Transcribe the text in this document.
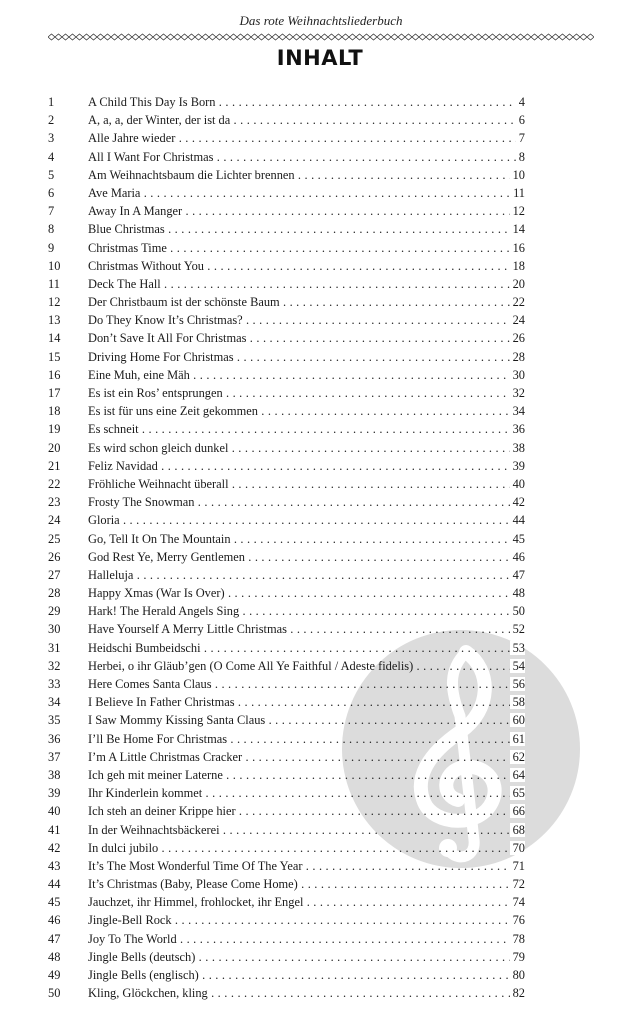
Das rote Weihnachtsliederbuch
INHALT
1	A Child This Day Is Born . . .	4
2	A, a, a, der Winter, der ist da . . .	6
3	Alle Jahre wieder . . .	7
4	All I Want For Christmas . . .	8
5	Am Weihnachtsbaum die Lichter brennen . . .	10
6	Ave Maria . . .	11
7	Away In A Manger . . .	12
8	Blue Christmas . . .	14
9	Christmas Time . . .	16
10 Christmas Without You . . .	18
11 Deck The Hall . . .	20
12 Der Christbaum ist der schönste Baum . . .	22
13 Do They Know It’s Christmas? . . .	24
14 Don’t Save It All For Christmas . . .	26
15 Driving Home For Christmas . . .	28
16 Eine Muh, eine Mäh . . .	30
17 Es ist ein Ros’ entsprungen . . .	32
18 Es ist für uns eine Zeit gekommen . . .	34
19 Es schneit . . .	36
20 Es wird schon gleich dunkel . . .	38
21 Feliz Navidad . . .	39
22 Fröhliche Weihnacht überall . . .	40
23 Frosty The Snowman . . .	42
24 Gloria . . .	44
25 Go, Tell It On The Mountain . . .	45
26 God Rest Ye, Merry Gentlemen . . .	46
27 Halleluja . . .	47
28 Happy Xmas (War Is Over) . . .	48
29 Hark! The Herald Angels Sing . . .	50
30 Have Yourself A Merry Little Christmas . . .	52
31 Heidschi Bumbeidschi . . .	53
32 Herbei, o ihr Gläub’gen (O Come All Ye Faithful / Adeste fidelis) . . .	54
33 Here Comes Santa Claus . . .	56
34 I Believe In Father Christmas . . .	58
35 I Saw Mommy Kissing Santa Claus . . .	60
36 I’ll Be Home For Christmas . . .	61
37 I’m A Little Christmas Cracker . . .	62
38 Ich geh mit meiner Laterne . . .	64
39 Ihr Kinderlein kommet . . .	65
40 Ich steh an deiner Krippe hier . . .	66
41 In der Weihnachtsbäckerei . . .	68
42 In dulci jubilo . . .	70
43 It’s The Most Wonderful Time Of The Year . . .	71
44 It’s Christmas (Baby, Please Come Home) . . .	72
45 Jauchzet, ihr Himmel, frohlocket, ihr Engel . . .	74
46 Jingle-Bell Rock . . .	76
47 Joy To The World . . .	78
48 Jingle Bells (deutsch) . . .	79
49 Jingle Bells (englisch) . . .	80
50 Kling, Glöckchen, kling . . .	82
